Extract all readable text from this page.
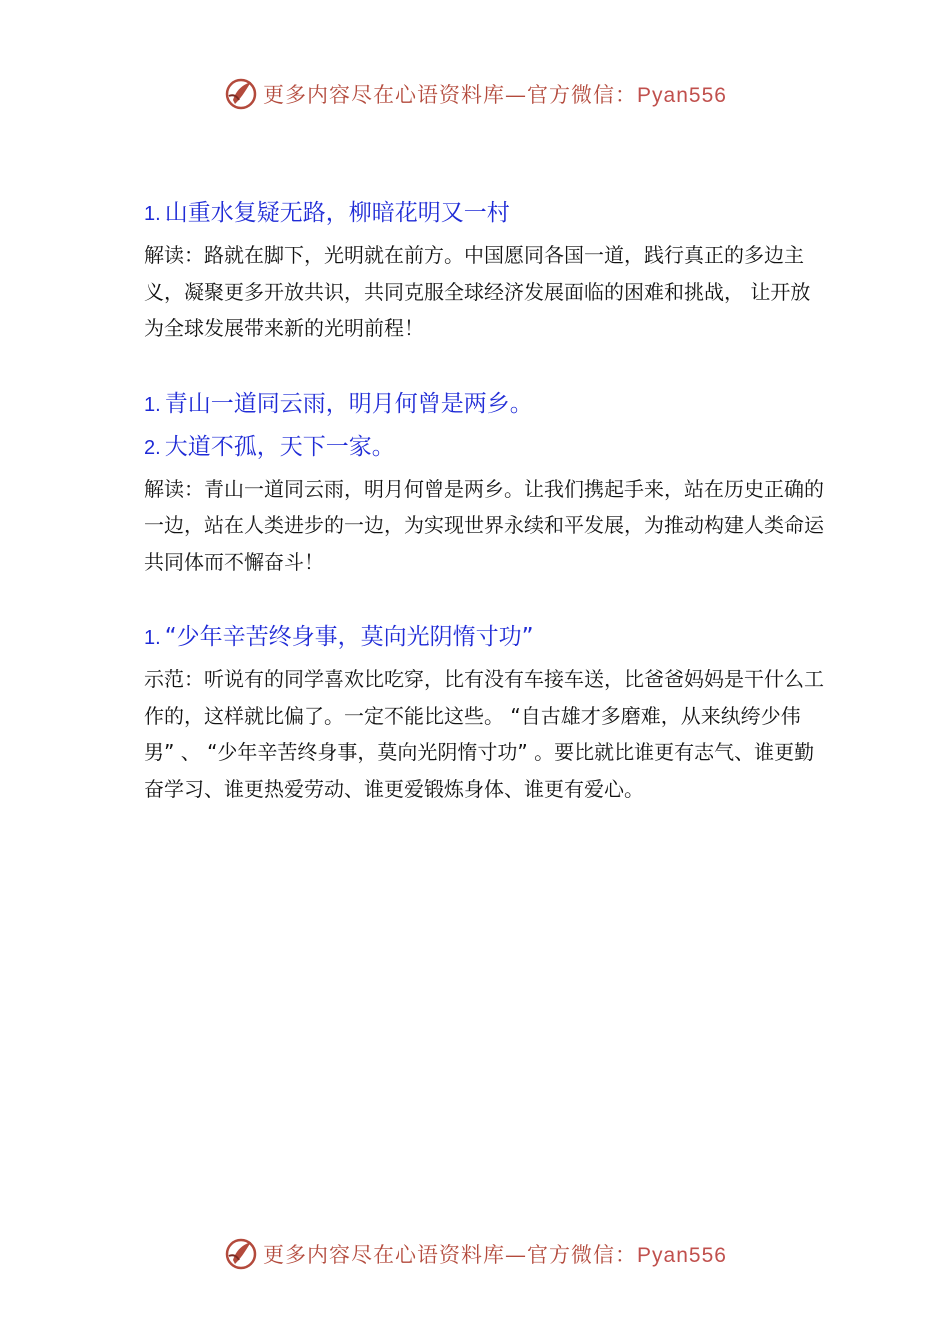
更多内容尽在心语资料库—官方微信：Pyan556

1. 山重水复疑无路，柳暗花明又一村

解读：路就在脚下，光明就在前方。中国愿同各国一道，践行真正的多边主义，凝聚更多开放共识，共同克服全球经济发展面临的困难和挑战， 让开放为全球发展带来新的光明前程！

1. 青山一道同云雨，明月何曾是两乡。

2. 大道不孤，天下一家。

解读：青山一道同云雨，明月何曾是两乡。让我们携起手来，站在历史正确的一边，站在人类进步的一边，为实现世界永续和平发展，为推动构建人类命运共同体而不懈奋斗！

1. “少年辛苦终身事，莫向光阴惰寸功”

示范：听说有的同学喜欢比吃穿，比有没有车接车送，比爸爸妈妈是干什么工作的，这样就比偏了。一定不能比这些。 “自古雄才多磨难，从来纨绔少伟男” 、 “少年辛苦终身事，莫向光阴惰寸功” 。要比就比谁更有志气、谁更勤奋学习、谁更热爱劳动、谁更爱锻炼身体、谁更有爱心。

更多内容尽在心语资料库—官方微信：Pyan556
